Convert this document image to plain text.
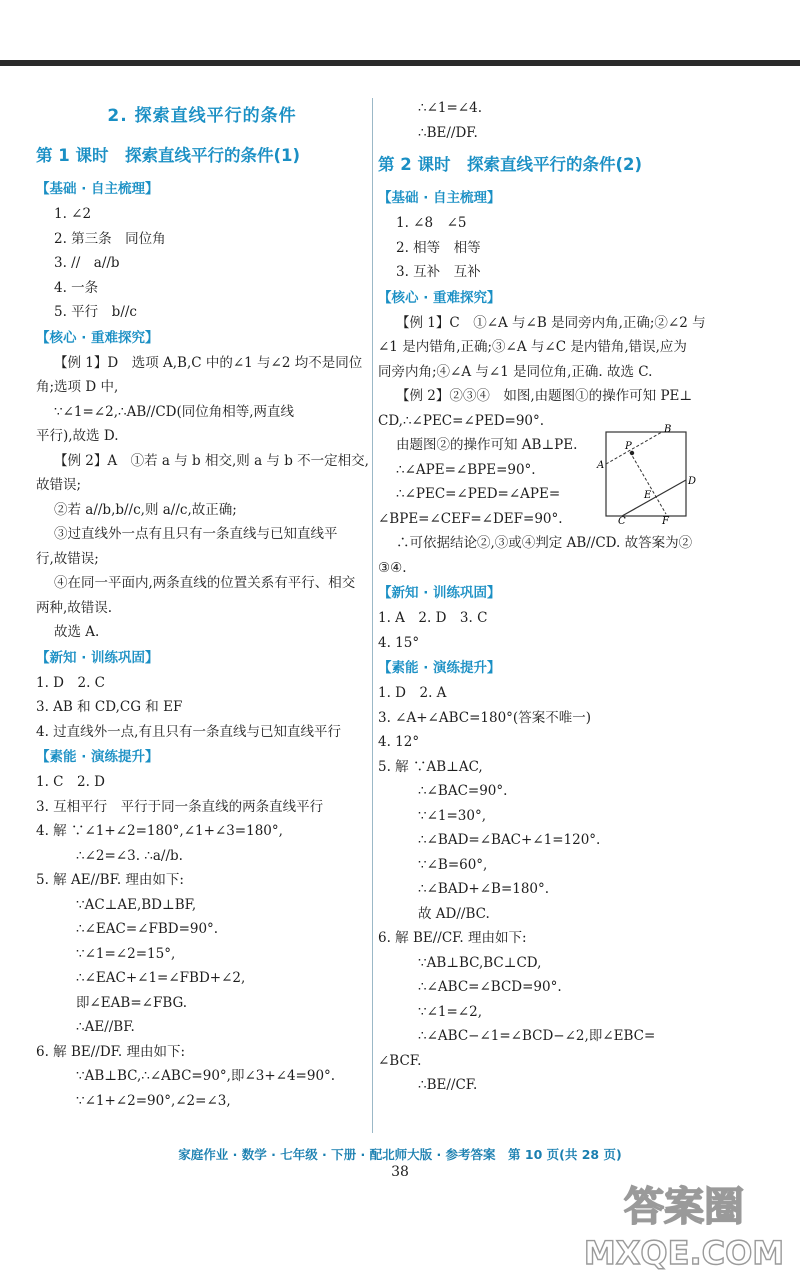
2. 探索直线平行的条件
第 1 课时　探索直线平行的条件(1)
【基础 · 自主梳理】
1. ∠2
2. 第三条　同位角
3. //　a//b
4. 一条
5. 平行　b//c
【核心 · 重难探究】
【例 1】D　选项 A,B,C 中的∠1 与∠2 均不是同位
角;选项 D 中,
∵∠1=∠2,∴AB//CD(同位角相等,两直线
平行),故选 D.
【例 2】A　①若 a 与 b 相交,则 a 与 b 不一定相交,
故错误;
②若 a//b,b//c,则 a//c,故正确;
③过直线外一点有且只有一条直线与已知直线平
行,故错误;
④在同一平面内,两条直线的位置关系有平行、相交
两种,故错误.
故选 A.
【新知 · 训练巩固】
1. D　2. C
3. AB 和 CD,CG 和 EF
4. 过直线外一点,有且只有一条直线与已知直线平行
【素能 · 演练提升】
1. C　2. D
3. 互相平行　平行于同一条直线的两条直线平行
4. 解 ∵∠1+∠2=180°,∠1+∠3=180°,
∴∠2=∠3. ∴a//b.
5. 解 AE//BF. 理由如下:
∵AC⊥AE,BD⊥BF,
∴∠EAC=∠FBD=90°.
∵∠1=∠2=15°,
∴∠EAC+∠1=∠FBD+∠2,
即∠EAB=∠FBG.
∴AE//BF.
6. 解 BE//DF. 理由如下:
∵AB⊥BC,∴∠ABC=90°,即∠3+∠4=90°.
∵∠1+∠2=90°,∠2=∠3,
∴∠1=∠4.
∴BE//DF.
第 2 课时　探索直线平行的条件(2)
【基础 · 自主梳理】
1. ∠8　∠5
2. 相等　相等
3. 互补　互补
【核心 · 重难探究】
【例 1】C　①∠A 与∠B 是同旁内角,正确;②∠2 与
∠1 是内错角,正确;③∠A 与∠C 是内错角,错误,应为
同旁内角;④∠A 与∠1 是同位角,正确. 故选 C.
【例 2】②③④　如图,由题图①的操作可知 PE⊥
CD,∴∠PEC=∠PED=90°.
由题图②的操作可知 AB⊥PE.
∴∠APE=∠BPE=90°.
∴∠PEC=∠PED=∠APE=
∠BPE=∠CEF=∠DEF=90°.
∴可依据结论②,③或④判定 AB//CD. 故答案为②
③④.
【新知 · 训练巩固】
1. A　2. D　3. C
4. 15°
【素能 · 演练提升】
1. D　2. A
3. ∠A+∠ABC=180°(答案不唯一)
4. 12°
5. 解 ∵AB⊥AC,
∴∠BAC=90°.
∵∠1=30°,
∴∠BAD=∠BAC+∠1=120°.
∵∠B=60°,
∴∠BAD+∠B=180°.
故 AD//BC.
6. 解 BE//CF. 理由如下:
∵AB⊥BC,BC⊥CD,
∴∠ABC=∠BCD=90°.
∵∠1=∠2,
∴∠ABC−∠1=∠BCD−∠2,即∠EBC=
∠BCF.
∴BE//CF.
B
P
A
D
E
C	F
家庭作业 · 数学 · 七年级 · 下册 · 配北师大版 · 参考答案　第 10 页(共 28 页)
38
答案圈
MXQE.COM
